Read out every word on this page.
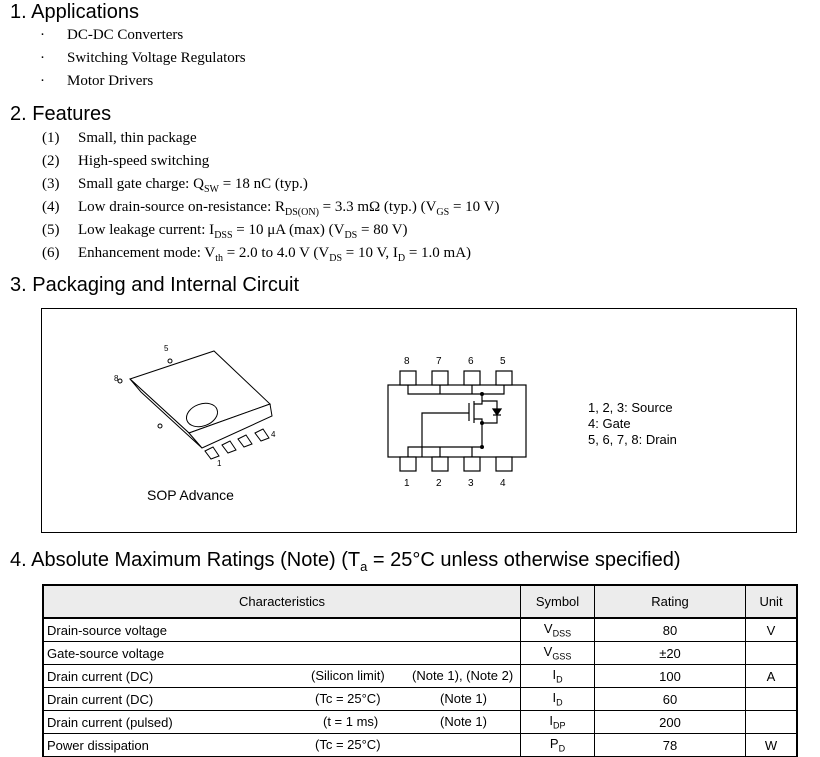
1. Applications
· DC-DC Converters
· Switching Voltage Regulators
· Motor Drivers
2. Features
(1) Small, thin package
(2) High-speed switching
(3) Small gate charge: $Q_{SW} = 18$ nC (typ.)
(4) Low drain-source on-resistance: $R_{DS(ON)} = 3.3$ mΩ (typ.) ($V_{GS} = 10$ V)
(5) Low leakage current: $I_{DSS} = 10$ μA (max) ($V_{DS} = 80$ V)
(6) Enhancement mode: $V_{th} = 2.0$ to 4.0 V ($V_{DS} = 10$ V, $I_D = 1.0$ mA)
3. Packaging and Internal Circuit
5
8
1
4
8	7	6	5
1	2	3	4
SOP Advance
1, 2, 3: Source
4: Gate
5, 6, 7, 8: Drain
4. Absolute Maximum Ratings (Note) ($T_a = 25^\circ C$ unless otherwise specified)
Characteristics	Symbol	Rating	Unit
Drain-source voltage	$V_{DSS}$	80	V
Gate-source voltage	$V_{GSS}$	±20	
Drain current (DC) (Silicon limit) (Note 1), (Note 2)	$I_D$	100	A
Drain current (DC) (Tc = 25°C) (Note 1)	$I_D$	60	
Drain current (pulsed) (t = 1 ms) (Note 1)	$I_{DP}$	200	
Power dissipation (Tc = 25°C)	$P_D$	78	W
